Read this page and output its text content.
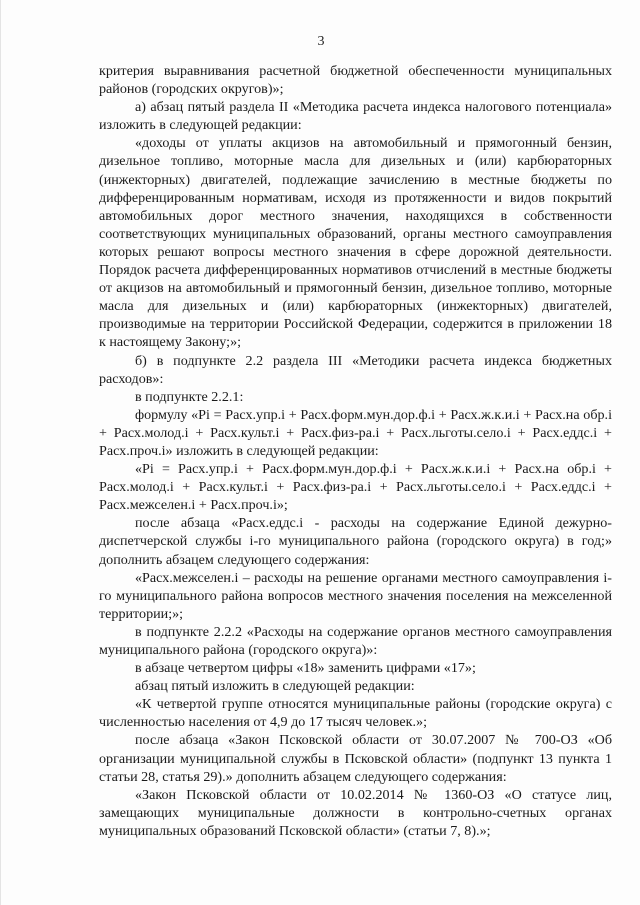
3

критерия выравнивания расчетной бюджетной обеспеченности муниципальных районов (городских округов)»;

а) абзац пятый раздела II «Методика расчета индекса налогового потенциала» изложить в следующей редакции:

«доходы от уплаты акцизов на автомобильный и прямогонный бензин, дизельное топливо, моторные масла для дизельных и (или) карбюраторных (инжекторных) двигателей, подлежащие зачислению в местные бюджеты по дифференцированным нормативам, исходя из протяженности и видов покрытий автомобильных дорог местного значения, находящихся в собственности соответствующих муниципальных образований, органы местного самоуправления которых решают вопросы местного значения в сфере дорожной деятельности. Порядок расчета дифференцированных нормативов отчислений в местные бюджеты от акцизов на автомобильный и прямогонный бензин, дизельное топливо, моторные масла для дизельных и (или) карбюраторных (инжекторных) двигателей, производимые на территории Российской Федерации, содержится в приложении 18 к настоящему Закону;»;

б) в подпункте 2.2 раздела III «Методики расчета индекса бюджетных расходов»:

в подпункте 2.2.1:

формулу «Pi = Расх.упр.i + Расх.форм.мун.дор.ф.i + Расх.ж.к.и.i + Расх.на обр.i + Расх.молод.i + Расх.культ.i + Расх.физ-ра.i + Расх.льготы.село.i + Расх.еддс.i + Расх.проч.i» изложить в следующей редакции:

«Pi = Расх.упр.i + Расх.форм.мун.дор.ф.i + Расх.ж.к.и.i + Расх.на обр.i + Расх.молод.i + Расх.культ.i + Расх.физ-ра.i + Расх.льготы.село.i + Расх.еддс.i + Расх.межселен.i + Расх.проч.i»;

после абзаца «Расх.еддс.i - расходы на содержание Единой дежурно-диспетчерской службы i-го муниципального района (городского округа) в год;» дополнить абзацем следующего содержания:

«Расх.межселен.i – расходы на решение органами местного самоуправления i-го муниципального района вопросов местного значения поселения на межселенной территории;»;

в подпункте 2.2.2 «Расходы на содержание органов местного самоуправления муниципального района (городского округа)»:

в абзаце четвертом цифры «18» заменить цифрами «17»;

абзац пятый изложить в следующей редакции:

«К четвертой группе относятся муниципальные районы (городские округа) с численностью населения от 4,9 до 17 тысяч человек.»;

после абзаца «Закон Псковской области от 30.07.2007 № 700-ОЗ «Об организации муниципальной службы в Псковской области» (подпункт 13 пункта 1 статьи 28, статья 29).» дополнить абзацем следующего содержания:

«Закон Псковской области от 10.02.2014 № 1360-ОЗ «О статусе лиц, замещающих муниципальные должности в контрольно-счетных органах муниципальных образований Псковской области» (статьи 7, 8).»;
